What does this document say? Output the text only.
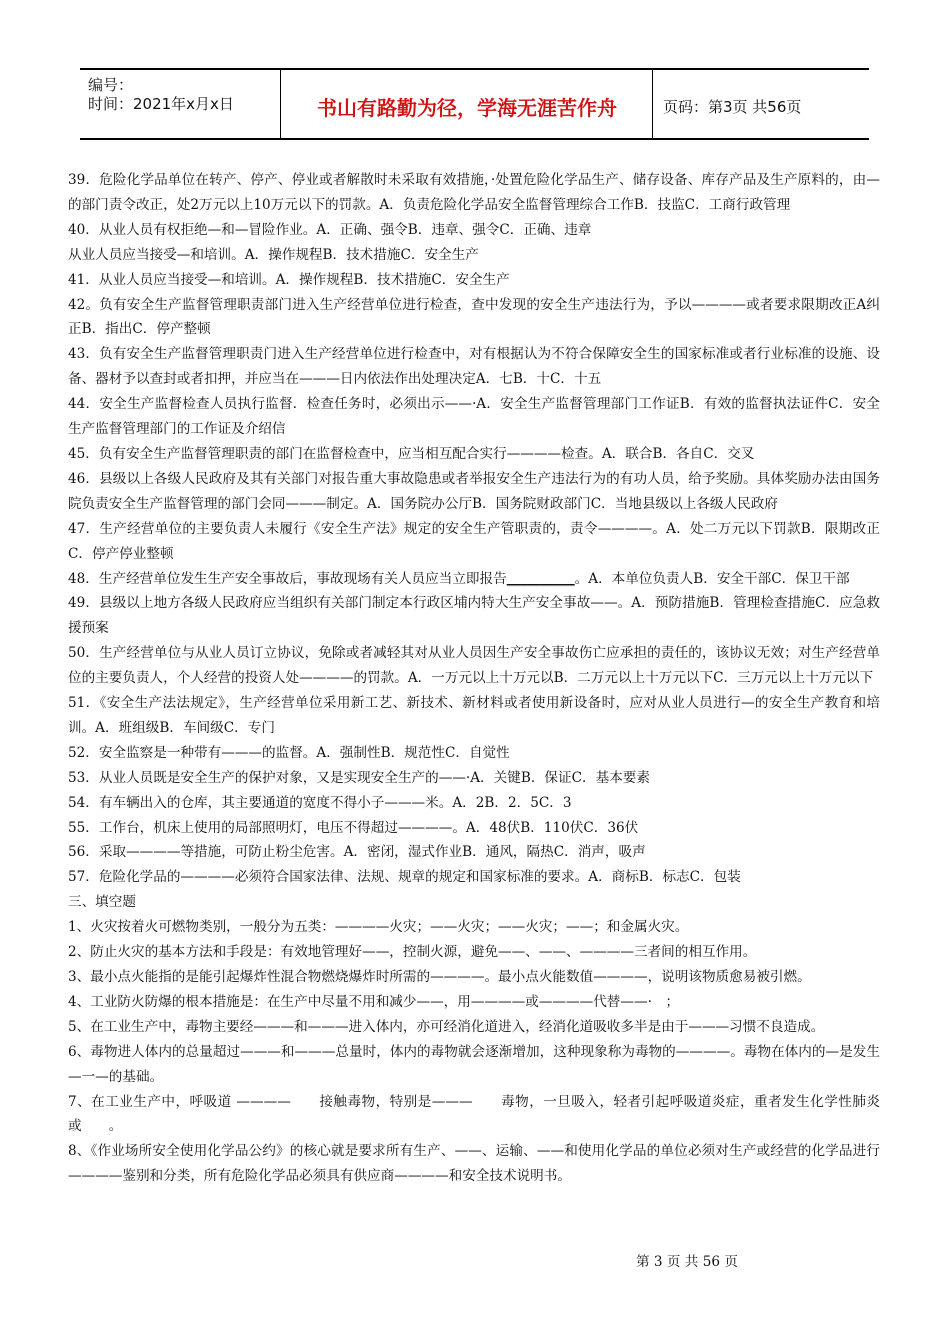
编号：
时间：2021年x月x日	书山有路勤为径，学海无涯苦作舟	页码：第3页 共56页

39．危险化学品单位在转产、停产、停业或者解散时未采取有效措施，·处置危险化学品生产、储存设备、库存产品及生产原料的，由—的部门责令改正，处2万元以上10万元以下的罚款。A．负责危险化学品安全监督管理综合工作B．技监C．工商行政管理

40．从业人员有权拒绝—和—冒险作业。A．正确、强令B．违章、强令C．正确、违章

从业人员应当接受—和培训。A．操作规程B．技术措施C．安全生产

41．从业人员应当接受—和培训。A．操作规程B．技术措施C．安全生产

42。负有安全生产监督管理职责部门进入生产经营单位进行检查，查中发现的安全生产违法行为，予以————或者要求限期改正A纠正B．指出C．停产整顿

43．负有安全生产监督管理职责门进入生产经营单位进行检查中，对有根据认为不符合保障安全生的国家标准或者行业标准的设施、设备、器材予以查封或者扣押，并应当在———日内依法作出处理决定A．七B．十C．十五

44．安全生产监督检查人员执行监督．检查任务时，必须出示——·A．安全生产监督管理部门工作证B．有效的监督执法证件C．安全生产监督管理部门的工作证及介绍信

45．负有安全生产监督管理职责的部门在监督检查中，应当相互配合实行————检查。A．联合B．各自C．交叉

46．县级以上各级人民政府及其有关部门对报告重大事故隐患或者举报安全生产违法行为的有功人员，给予奖励。具体奖励办法由国务院负责安全生产监督管理的部门会同———制定。A．国务院办公厅B．国务院财政部门C．当地县级以上各级人民政府

47．生产经营单位的主要负责人未履行《安全生产法》规定的安全生产管职责的，责令————。A．处二万元以下罚款B．限期改正C．停产停业整顿

48．生产经营单位发生生产安全事故后，事故现场有关人员应当立即报告__________。A．本单位负责人B．安全干部C．保卫干部

49．县级以上地方各级人民政府应当组织有关部门制定本行政区埔内特大生产安全事故——。A．预防措施B．管理检查措施C．应急救援预案

50．生产经营单位与从业人员订立协议，免除或者减轻其对从业人员因生产安全事故伤亡应承担的责任的，该协议无效；对生产经营单位的主要负责人，个人经营的投资人处————的罚款。A．一万元以上十万元以B．二万元以上十万元以下C．三万元以上十万元以下

51．《安全生产法法规定》，生产经营单位采用新工艺、新技术、新材料或者使用新设备时，应对从业人员进行—的安全生产教育和培训。A．班组级B．车间级C．专门

52．安全监察是一种带有———的监督。A．强制性B．规范性C．自觉性

53．从业人员既是安全生产的保护对象，又是实现安全生产的——·A．关键B．保证C．基本要素

54．有车辆出入的仓库，其主要通道的宽度不得小子———米。A．2B．2．5C．3

55．工作台，机床上使用的局部照明灯，电压不得超过————。A．48伏B．110伏C．36伏

56．采取————等措施，可防止粉尘危害。A．密闭，湿式作业B．通风，隔热C．消声，吸声

57．危险化学品的————必须符合国家法律、法规、规章的规定和国家标准的要求。A．商标B．标志C．包装

三、填空题

1、火灾按着火可燃物类别，一般分为五类：————火灾；——火灾；——火灾；——；和金属火灾。

2、防止火灾的基本方法和手段是：有效地管理好——，控制火源，避免——、——、————三者间的相互作用。

3、最小点火能指的是能引起爆炸性混合物燃烧爆炸时所需的————。最小点火能数值————，说明该物质愈易被引燃。

4、工业防火防爆的根本措施是：在生产中尽量不用和减少——，用————或————代替——·　；

5、在工业生产中，毒物主要经———和———进入体内，亦可经消化道进入，经消化道吸收多半是由于———习惯不良造成。

6、毒物进人体内的总量超过———和———总量时，体内的毒物就会逐渐增加，这种现象称为毒物的————。毒物在体内的—是发生—一—的基础。

7、在工业生产中，呼吸道 ————　　接触毒物，特别是———　　毒物，一旦吸入，轻者引起呼吸道炎症，重者发生化学性肺炎或　　。

8、《作业场所安全使用化学品公约》的核心就是要求所有生产、——、运输、——和使用化学品的单位必须对生产或经营的化学品进行————鉴别和分类，所有危险化学品必须具有供应商————和安全技术说明书。

第 3 页 共 56 页
